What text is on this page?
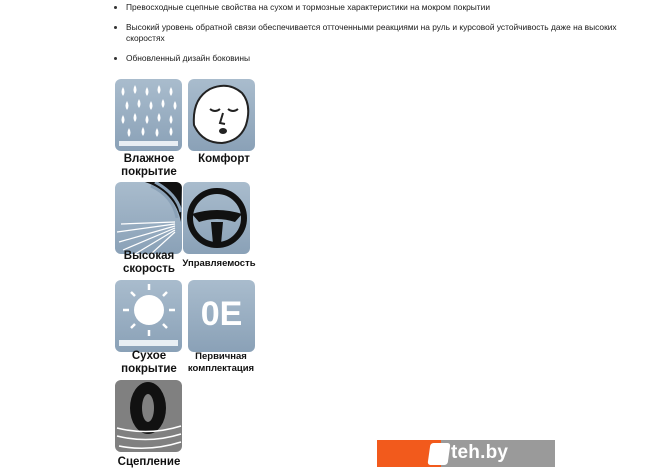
Превосходные сцепные свойства на сухом и тормозные характеристики на мокром покрытии
Высокий уровень обратной связи обеспечивается отточенными реакциями на руль и курсовой устойчивость даже на высоких скоростях
Обновленный дизайн боковины
Влажное покрытие
Комфорт
Высокая скорость Управляемость
Сухое покрытие
0E
Первичная комплектация
Сцепление	teh.by
